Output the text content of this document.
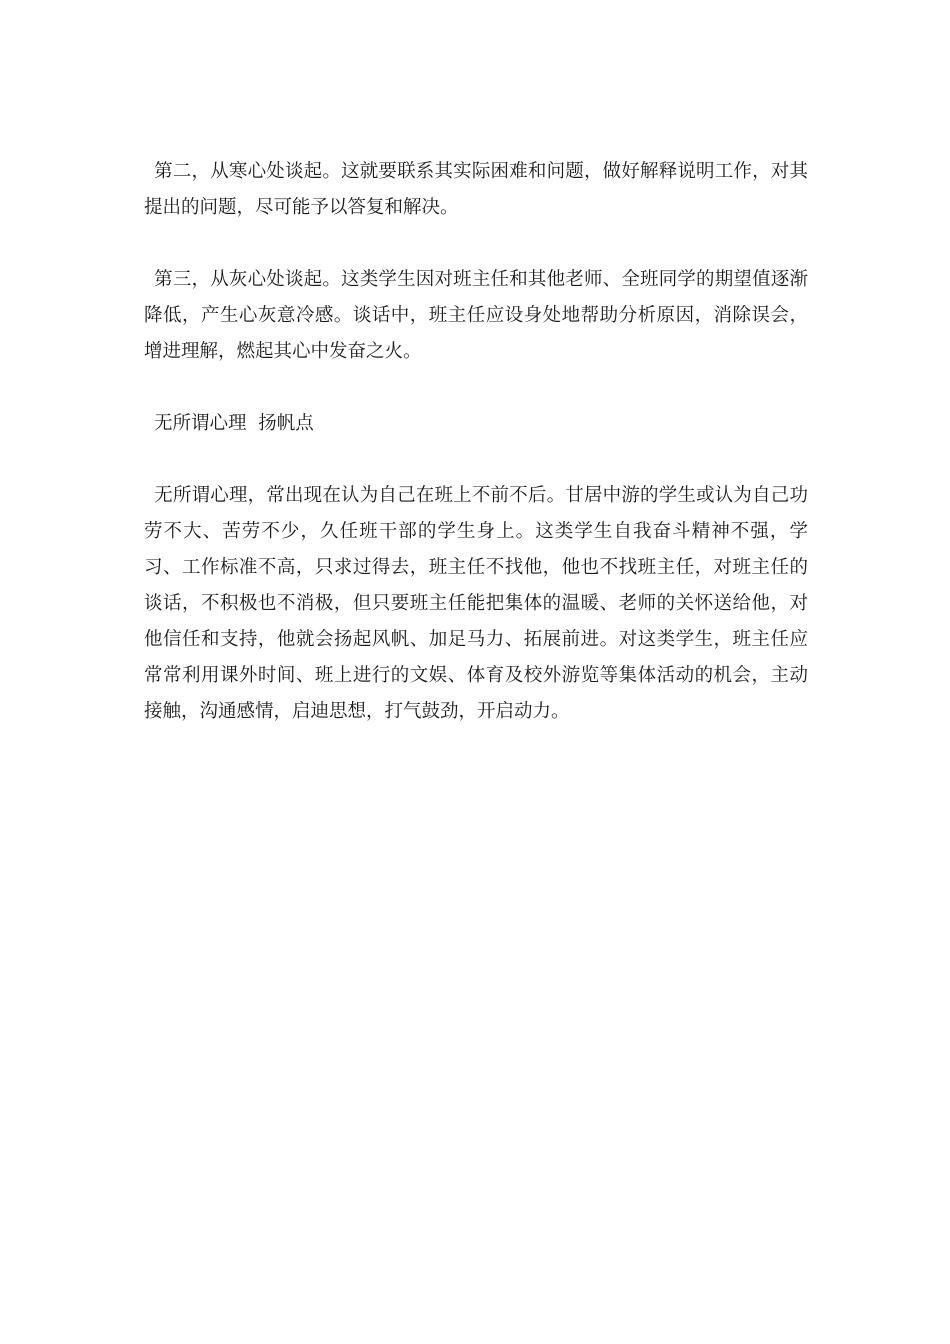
第二，从寒心处谈起。这就要联系其实际困难和问题，做好解释说明工作，对其提出的问题，尽可能予以答复和解决。

第三，从灰心处谈起。这类学生因对班主任和其他老师、全班同学的期望值逐渐降低，产生心灰意冷感。谈话中，班主任应设身处地帮助分析原因，消除误会，增进理解，燃起其心中发奋之火。

无所谓心理  扬帆点

无所谓心理，常出现在认为自己在班上不前不后。甘居中游的学生或认为自己功劳不大、苦劳不少，久任班干部的学生身上。这类学生自我奋斗精神不强，学习、工作标准不高，只求过得去，班主任不找他，他也不找班主任，对班主任的谈话，不积极也不消极，但只要班主任能把集体的温暖、老师的关怀送给他，对他信任和支持，他就会扬起风帆、加足马力、拓展前进。对这类学生，班主任应常常利用课外时间、班上进行的文娱、体育及校外游览等集体活动的机会，主动接触，沟通感情，启迪思想，打气鼓劲，开启动力。
